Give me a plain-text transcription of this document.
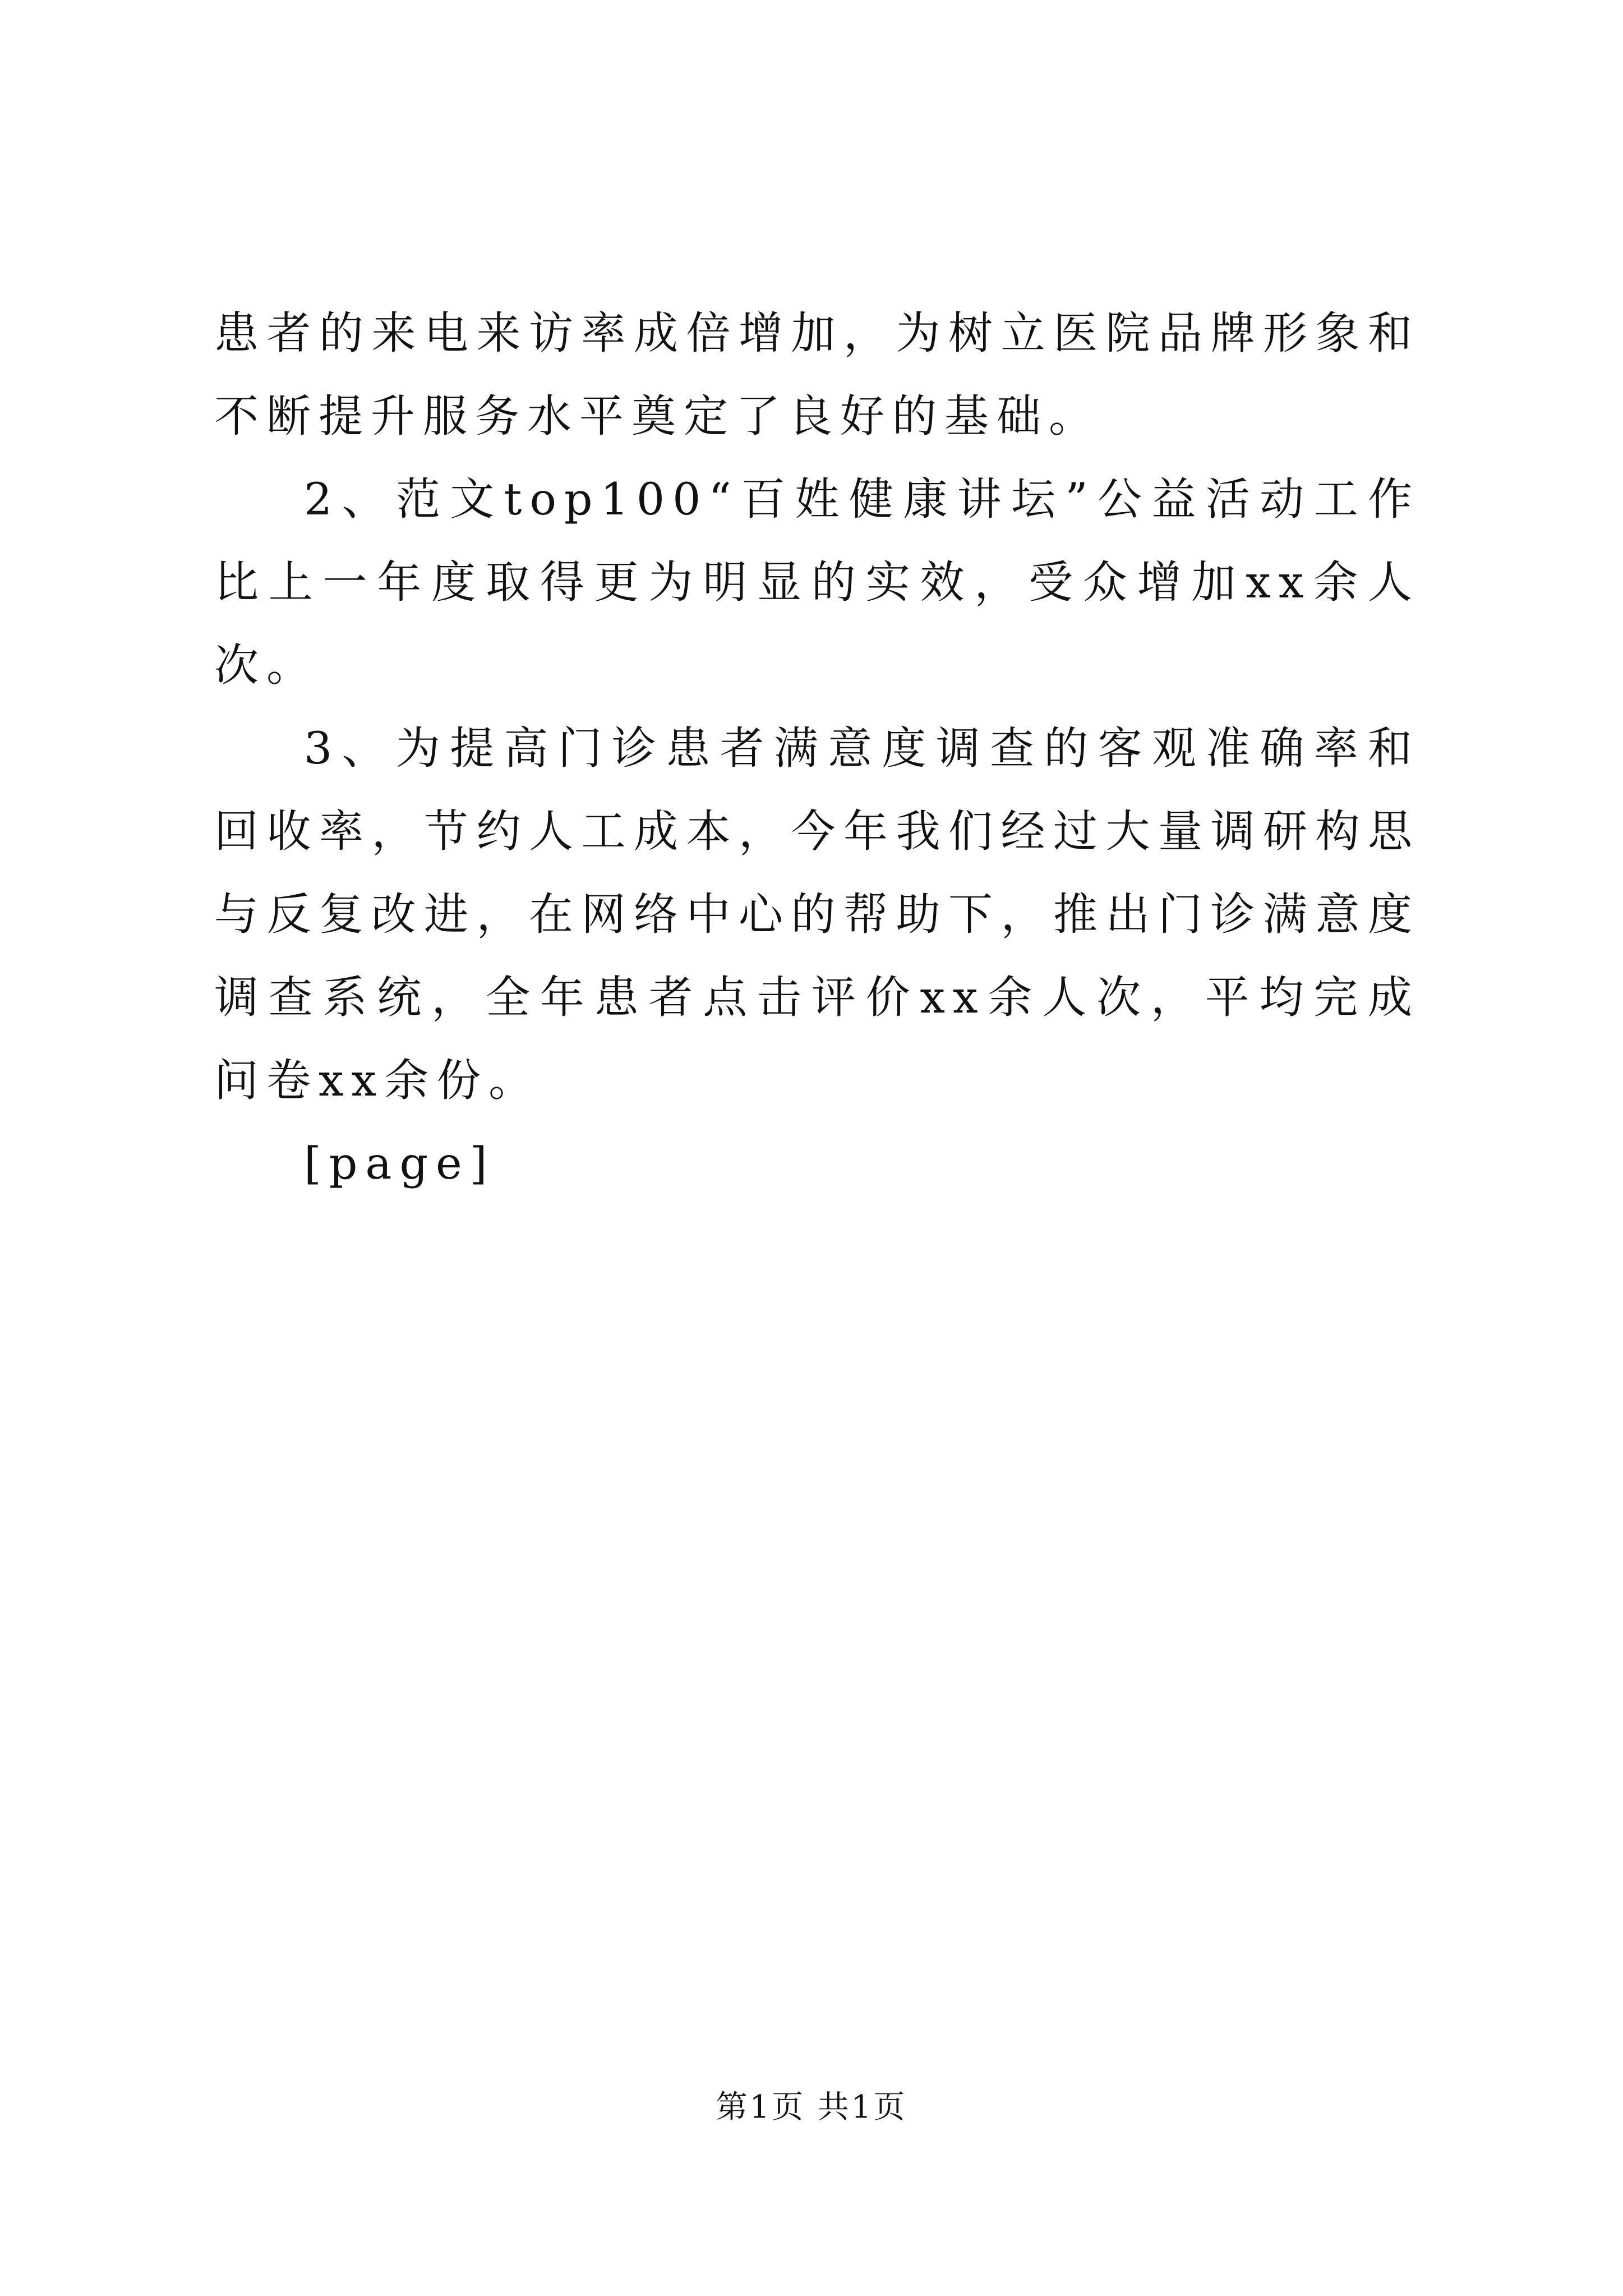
患者的来电来访率成倍增加，为树立医院品牌形象和不断提升服务水平奠定了良好的基础。

2、范文top100“百姓健康讲坛”公益活动工作比上一年度取得更为明显的实效，受众增加xx余人次。

3、为提高门诊患者满意度调查的客观准确率和回收率，节约人工成本，今年我们经过大量调研构思与反复改进，在网络中心的帮助下，推出门诊满意度调查系统，全年患者点击评价xx余人次，平均完成问卷xx余份。

[page]

第1页 共1页
